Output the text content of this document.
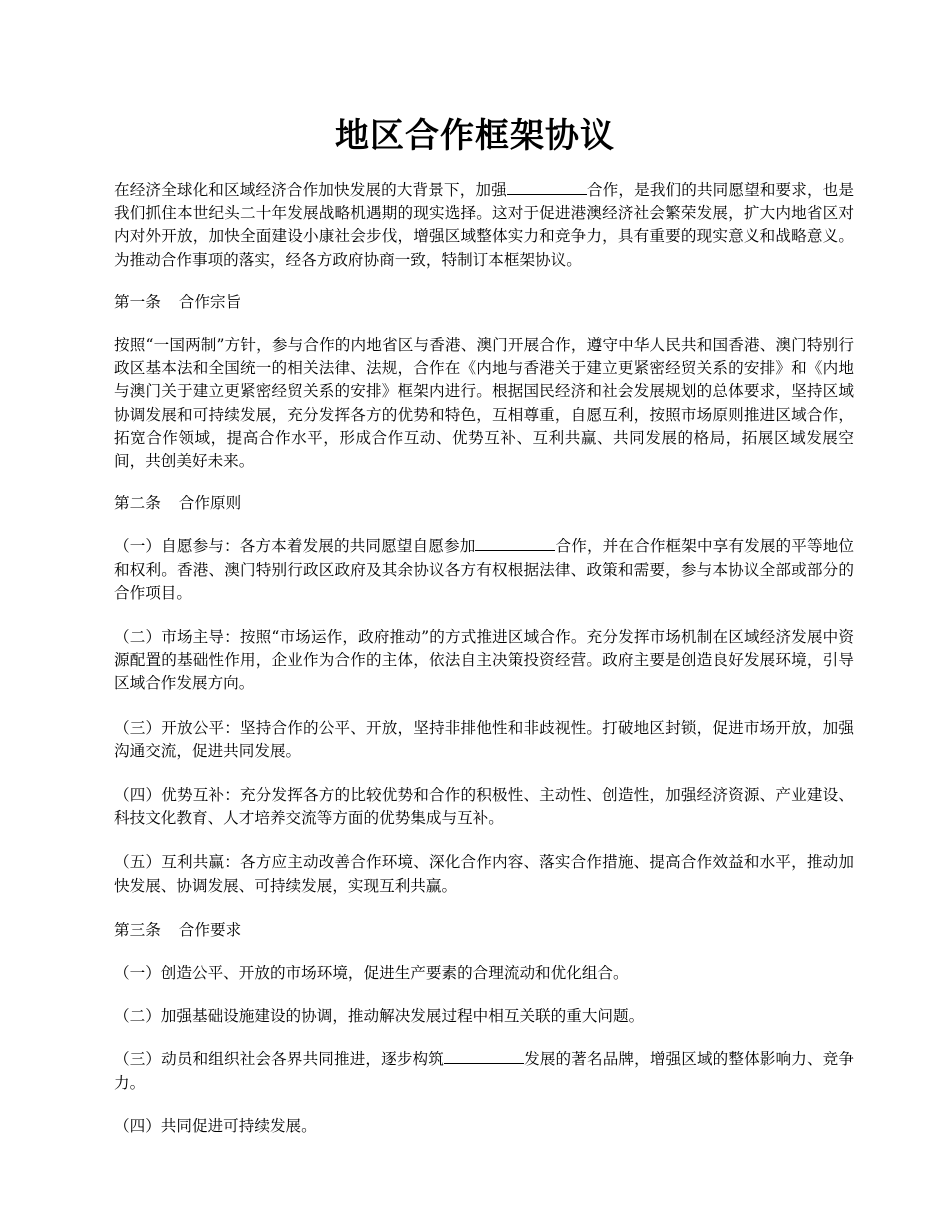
地区合作框架协议

在经济全球化和区域经济合作加快发展的大背景下，加强	合作，是我们的共同愿望和要求，也是我们抓住本世纪头二十年发展战略机遇期的现实选择。这对于促进港澳经济社会繁荣发展，扩大内地省区对内对外开放，加快全面建设小康社会步伐，增强区域整体实力和竞争力，具有重要的现实意义和战略意义。为推动合作事项的落实，经各方政府协商一致，特制订本框架协议。

第一条 合作宗旨

按照“一国两制”方针，参与合作的内地省区与香港、澳门开展合作，遵守中华人民共和国香港、澳门特别行政区基本法和全国统一的相关法律、法规，合作在《内地与香港关于建立更紧密经贸关系的安排》和《内地与澳门关于建立更紧密经贸关系的安排》框架内进行。根据国民经济和社会发展规划的总体要求，坚持区域协调发展和可持续发展，充分发挥各方的优势和特色，互相尊重，自愿互利，按照市场原则推进区域合作，拓宽合作领域，提高合作水平，形成合作互动、优势互补、互利共赢、共同发展的格局，拓展区域发展空间，共创美好未来。

第二条 合作原则

（一）自愿参与：各方本着发展的共同愿望自愿参加	合作，并在合作框架中享有发展的平等地位和权利。香港、澳门特别行政区政府及其余协议各方有权根据法律、政策和需要，参与本协议全部或部分的合作项目。

（二）市场主导：按照“市场运作，政府推动”的方式推进区域合作。充分发挥市场机制在区域经济发展中资源配置的基础性作用，企业作为合作的主体，依法自主决策投资经营。政府主要是创造良好发展环境，引导区域合作发展方向。

（三）开放公平：坚持合作的公平、开放，坚持非排他性和非歧视性。打破地区封锁，促进市场开放，加强沟通交流，促进共同发展。

（四）优势互补：充分发挥各方的比较优势和合作的积极性、主动性、创造性，加强经济资源、产业建设、科技文化教育、人才培养交流等方面的优势集成与互补。

（五）互利共赢：各方应主动改善合作环境、深化合作内容、落实合作措施、提高合作效益和水平，推动加快发展、协调发展、可持续发展，实现互利共赢。

第三条 合作要求

（一）创造公平、开放的市场环境，促进生产要素的合理流动和优化组合。

（二）加强基础设施建设的协调，推动解决发展过程中相互关联的重大问题。

（三）动员和组织社会各界共同推进，逐步构筑	发展的著名品牌，增强区域的整体影响力、竞争力。

（四）共同促进可持续发展。
